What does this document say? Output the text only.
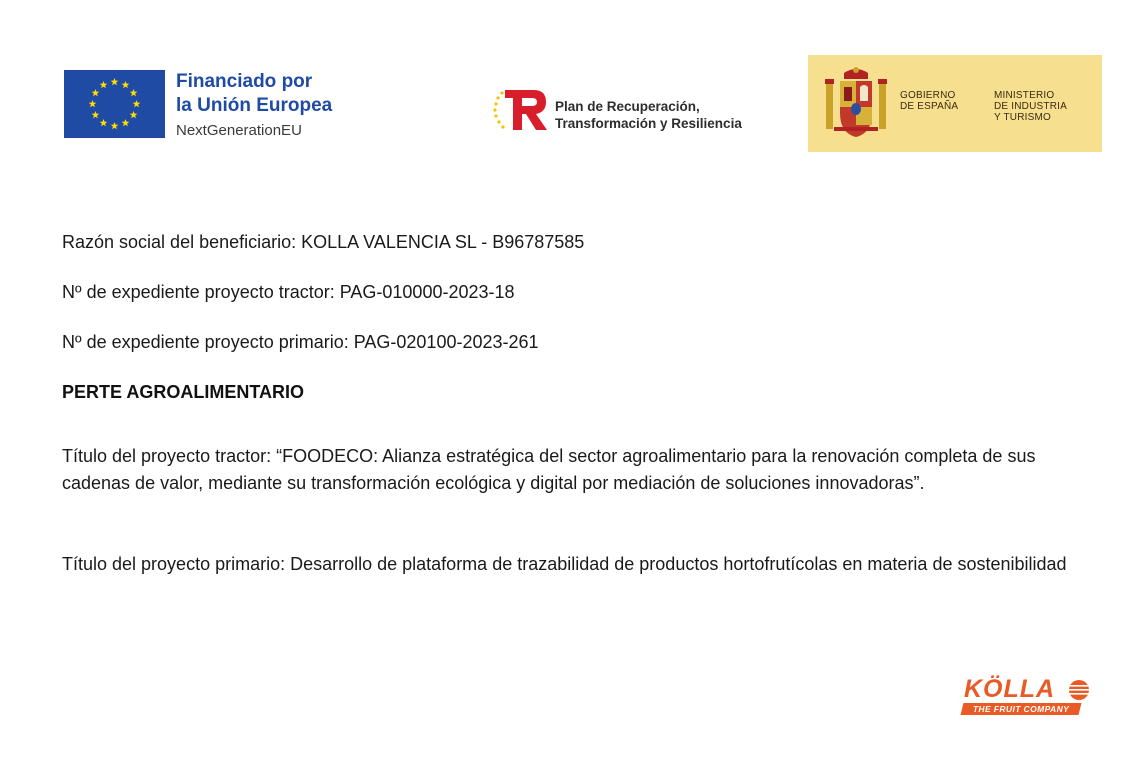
Financiado por
la Unión Europea
NextGenerationEU
Plan de Recuperación,
Transformación y Resiliencia
GOBIERNO
DE ESPAÑA
MINISTERIO
DE INDUSTRIA
Y TURISMO
Razón social del beneficiario: KOLLA VALENCIA SL - B96787585
Nº de expediente proyecto tractor: PAG-010000-2023-18
Nº de expediente proyecto primario: PAG-020100-2023-261
PERTE AGROALIMENTARIO
Título del proyecto tractor: “FOODECO: Alianza estratégica del sector agroalimentario para la renovación completa de sus cadenas de valor, mediante su transformación ecológica y digital por mediación de soluciones innovadoras”.
Título del proyecto primario: Desarrollo de plataforma de trazabilidad de productos hortofrutícolas en materia de sostenibilidad
KÖLLA
THE FRUIT COMPANY
